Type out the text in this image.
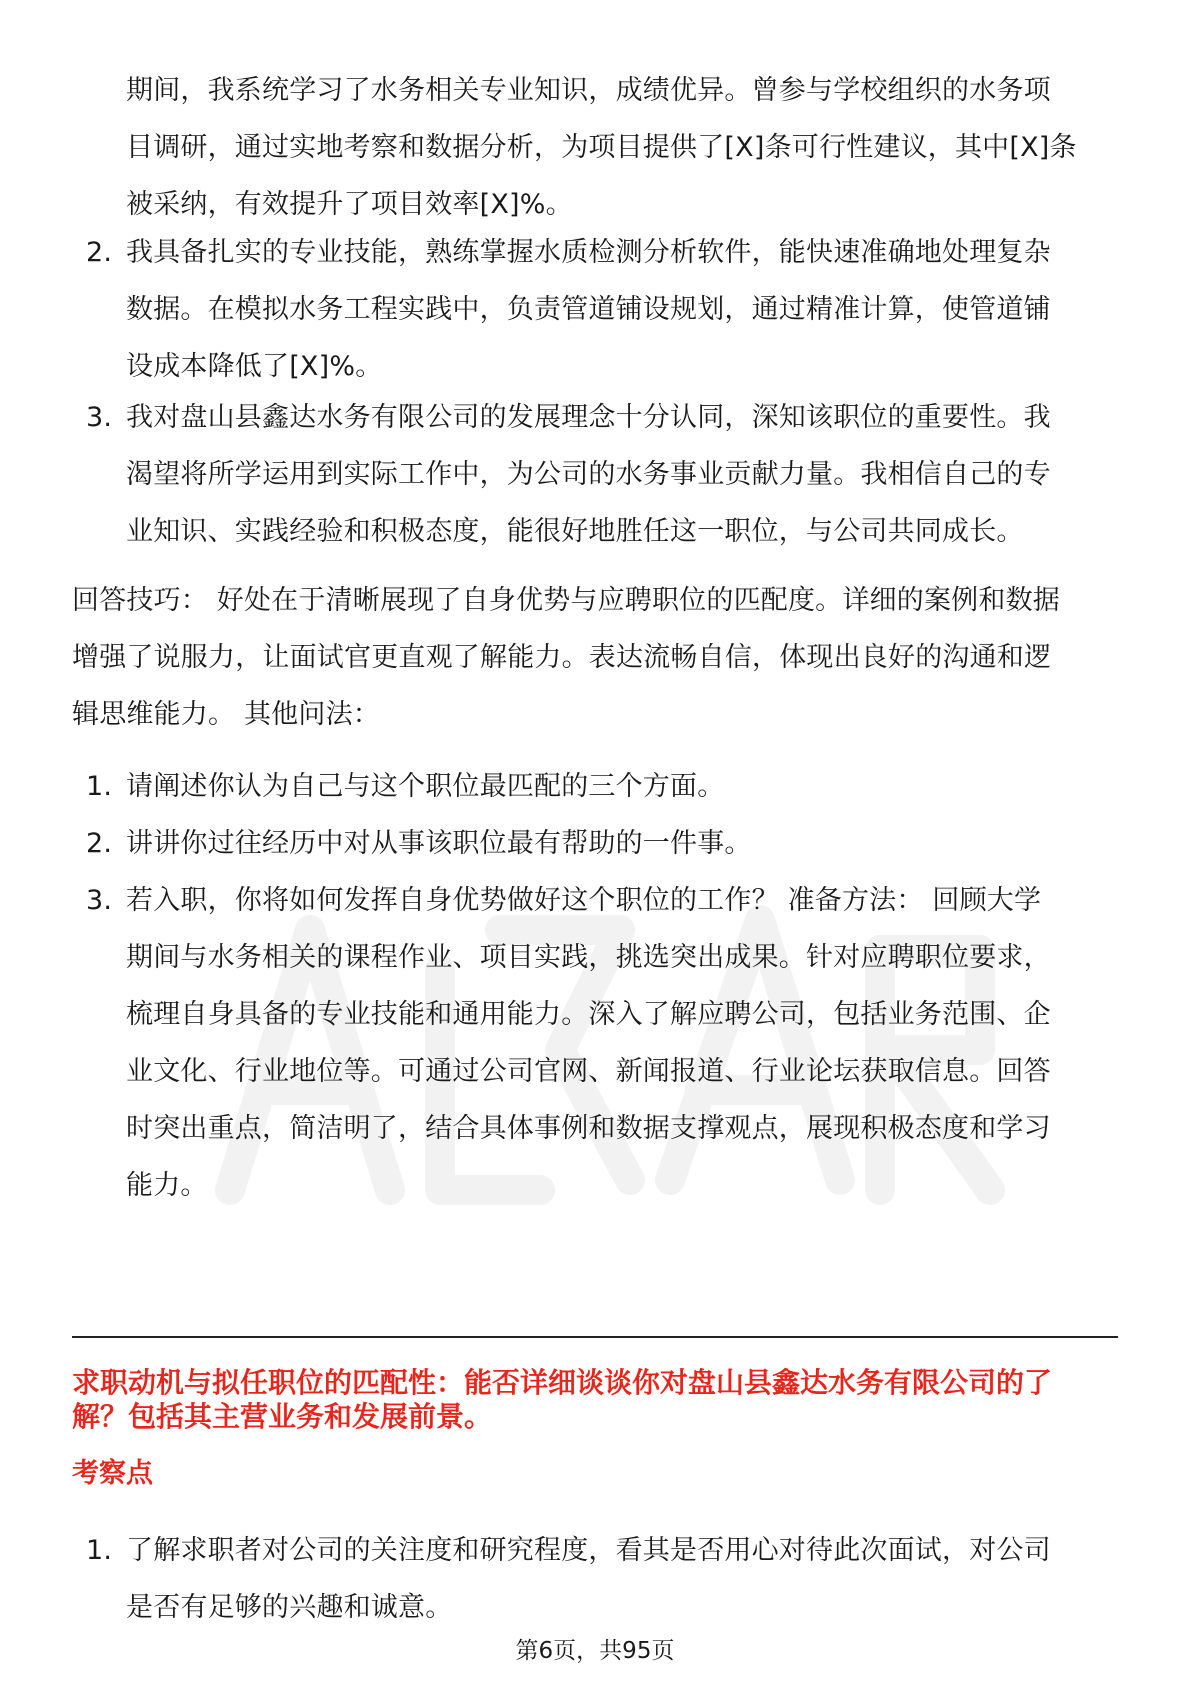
期间，我系统学习了水务相关专业知识，成绩优异。曾参与学校组织的水务项
目调研，通过实地考察和数据分析，为项目提供了[X]条可行性建议，其中[X]条
被采纳，有效提升了项目效率[X]%。
2. 我具备扎实的专业技能，熟练掌握水质检测分析软件，能快速准确地处理复杂
数据。在模拟水务工程实践中，负责管道铺设规划，通过精准计算，使管道铺
设成本降低了[X]%。
3. 我对盘山县鑫达水务有限公司的发展理念十分认同，深知该职位的重要性。我
渴望将所学运用到实际工作中，为公司的水务事业贡献力量。我相信自己的专
业知识、实践经验和积极态度，能很好地胜任这一职位，与公司共同成长。
回答技巧： 好处在于清晰展现了自身优势与应聘职位的匹配度。详细的案例和数据
增强了说服力，让面试官更直观了解能力。表达流畅自信，体现出良好的沟通和逻
辑思维能力。 其他问法：
1. 请阐述你认为自己与这个职位最匹配的三个方面。
2. 讲讲你过往经历中对从事该职位最有帮助的一件事。
3. 若入职，你将如何发挥自身优势做好这个职位的工作？ 准备方法： 回顾大学
期间与水务相关的课程作业、项目实践，挑选突出成果。针对应聘职位要求，
梳理自身具备的专业技能和通用能力。深入了解应聘公司，包括业务范围、企
业文化、行业地位等。可通过公司官网、新闻报道、行业论坛获取信息。回答
时突出重点，简洁明了，结合具体事例和数据支撑观点，展现积极态度和学习
能力。
求职动机与拟任职位的匹配性：能否详细谈谈你对盘山县鑫达水务有限公司的了
解？包括其主营业务和发展前景。
考察点
1. 了解求职者对公司的关注度和研究程度，看其是否用心对待此次面试，对公司
是否有足够的兴趣和诚意。
第6页，共95页
